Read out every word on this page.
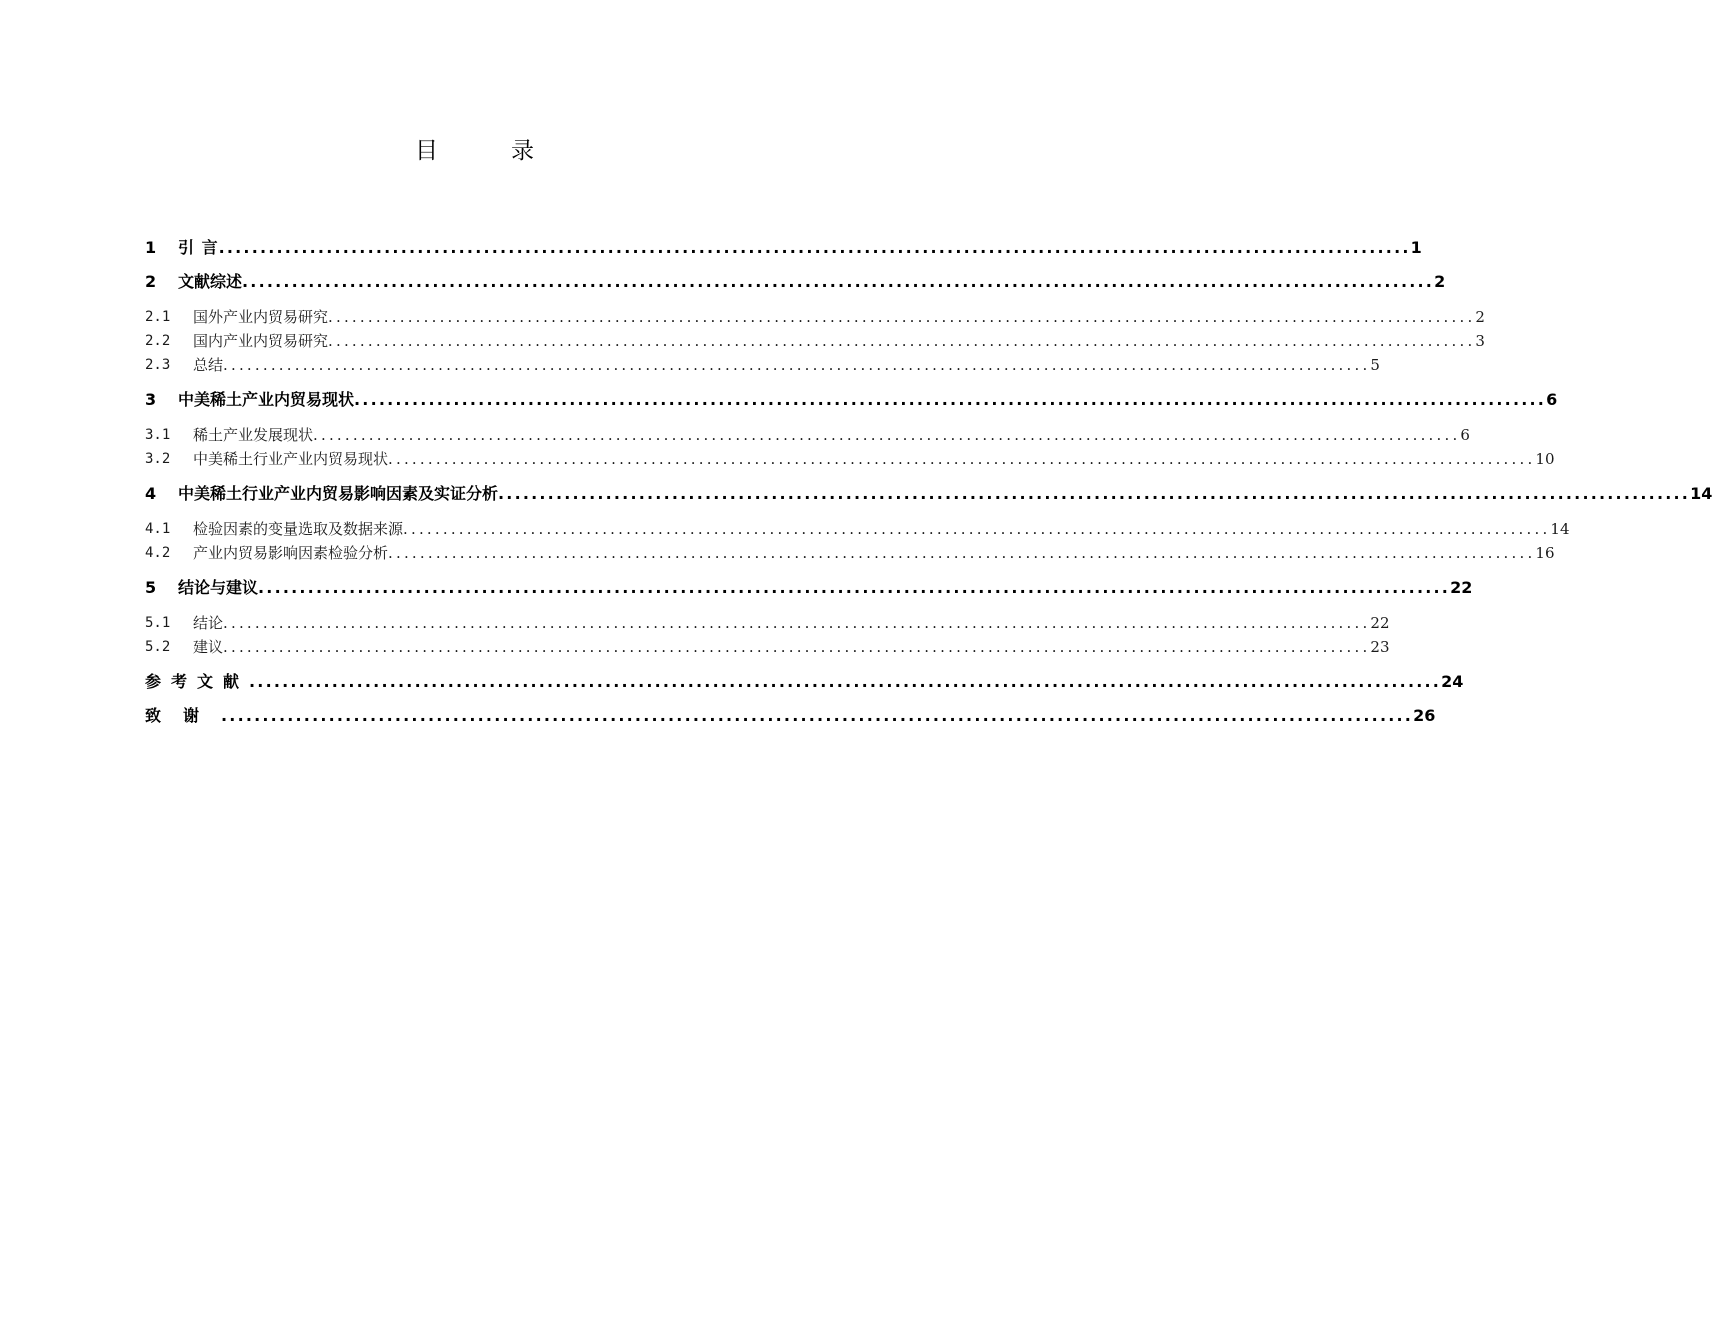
目	录
1	引 言 ................................................................................................................................................ 1
2	文献综述 ................................................................................................................................................ 2
2.1	国外产业内贸易研究 ................................................................................................................................................ 2
2.2	国内产业内贸易研究 ................................................................................................................................................ 3
2.3	总结 ................................................................................................................................................ 5
3	中美稀土产业内贸易现状 ................................................................................................................................................ 6
3.1	稀土产业发展现状 ................................................................................................................................................ 6
3.2	中美稀土行业产业内贸易现状 ................................................................................................................................................ 10
4	中美稀土行业产业内贸易影响因素及实证分析 ................................................................................................................................................ 14
4.1	检验因素的变量选取及数据来源 ................................................................................................................................................ 14
4.2	产业内贸易影响因素检验分析 ................................................................................................................................................ 16
5	结论与建议 ................................................................................................................................................ 22
5.1	结论 ................................................................................................................................................ 22
5.2	建议 ................................................................................................................................................ 23
参考文献 ................................................................................................................................................ 24
致谢 ................................................................................................................................................ 26
